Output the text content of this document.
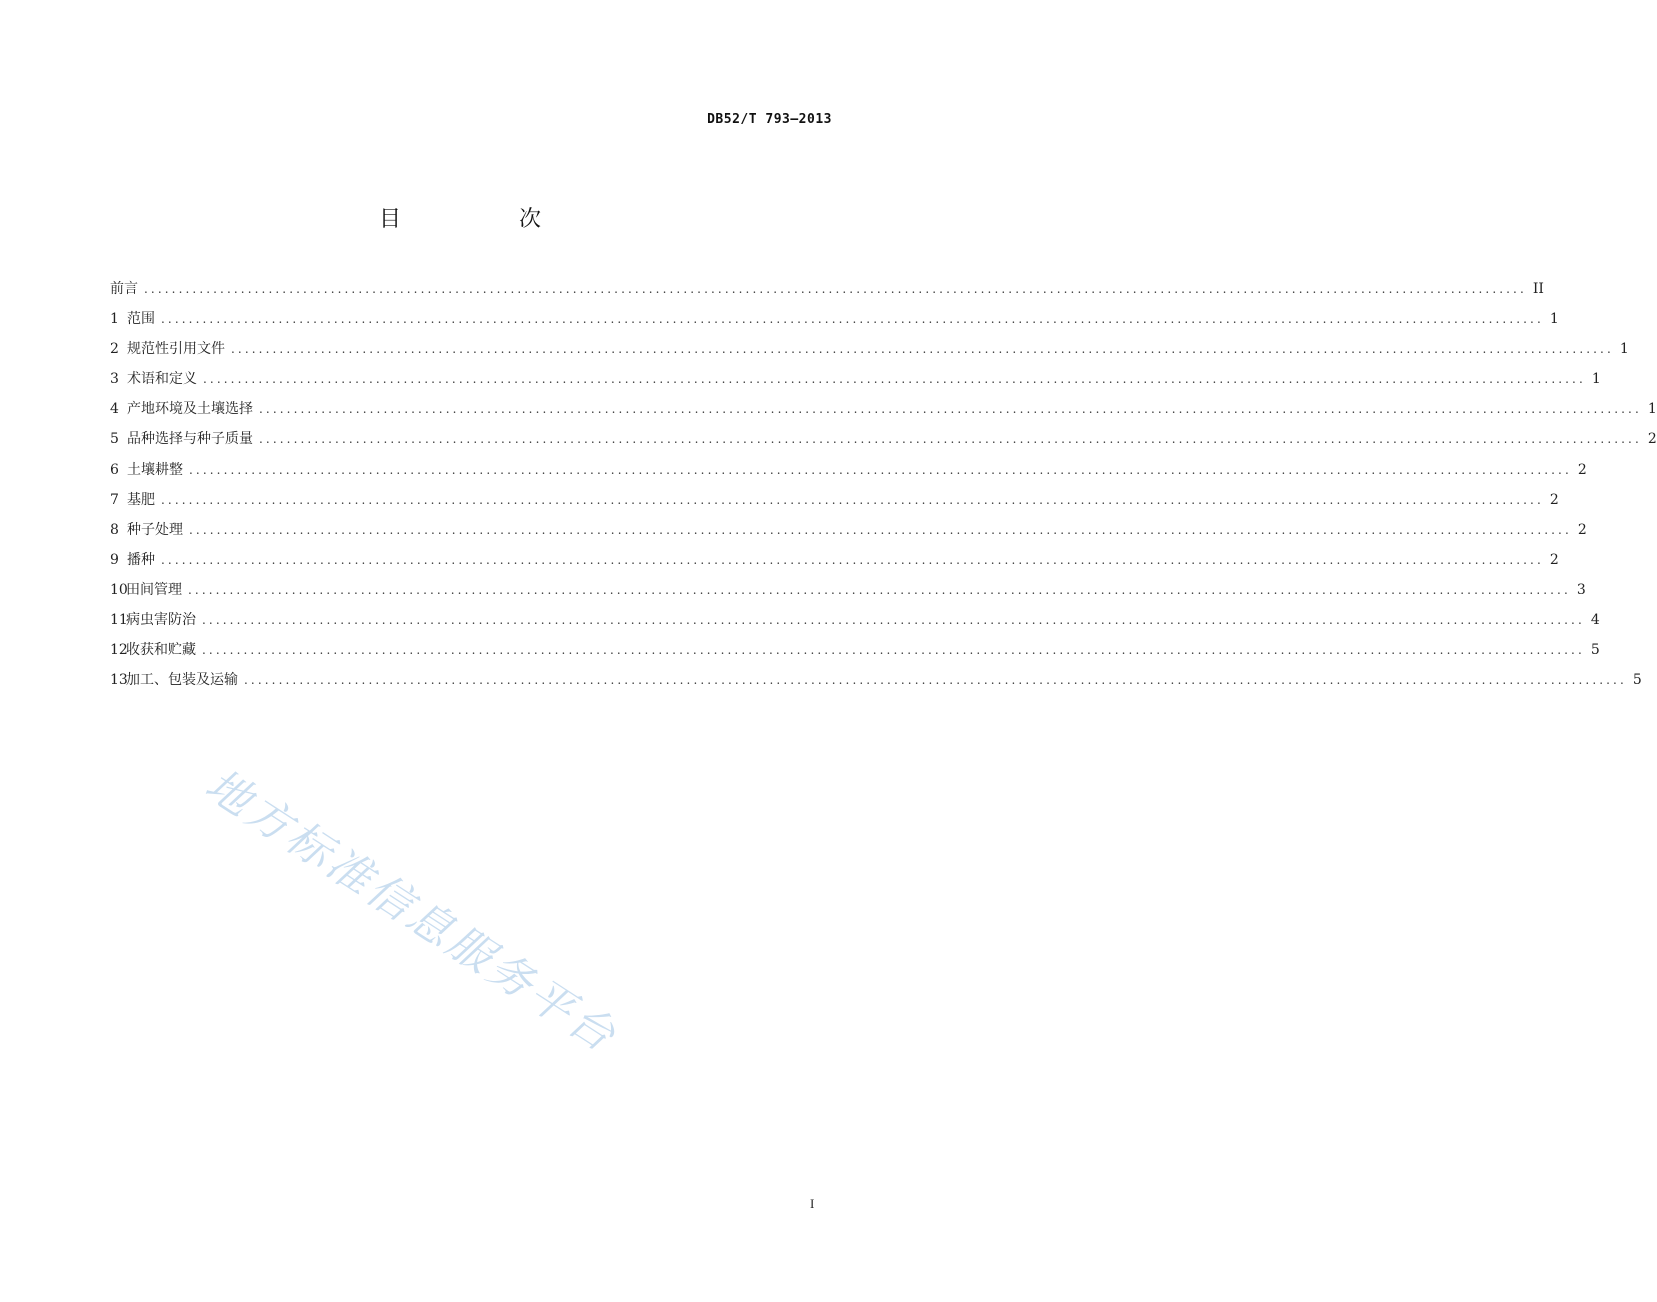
DB52/T 793—2013
目　次
前言 ........................................................................................................................................................................................................ II
1 范围 ........................................................................................................................................................................................................ 1
2 规范性引用文件 ........................................................................................................................................................................................................ 1
3 术语和定义 ........................................................................................................................................................................................................ 1
4 产地环境及土壤选择 ........................................................................................................................................................................................................ 1
5 品种选择与种子质量 ........................................................................................................................................................................................................ 2
6 土壤耕整 ........................................................................................................................................................................................................ 2
7 基肥 ........................................................................................................................................................................................................ 2
8 种子处理 ........................................................................................................................................................................................................ 2
9 播种 ........................................................................................................................................................................................................ 2
10
田间管理 ........................................................................................................................................................................................................ 3
11
病虫害防治 ........................................................................................................................................................................................................ 4
12
收获和贮藏 ........................................................................................................................................................................................................ 5
13
加工、包装及运输 ........................................................................................................................................................................................................ 5
地方标准信息服务平台
I
